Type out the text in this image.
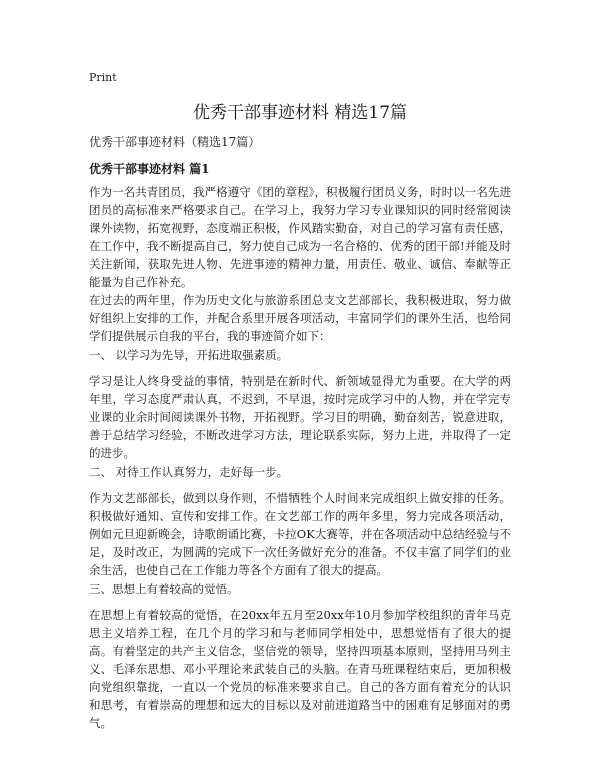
Print
优秀干部事迹材料 精选17篇
优秀干部事迹材料（精选17篇）
优秀干部事迹材料 篇1

作为一名共青团员，我严格遵守《团的章程》，积极履行团员义务，时时以一名先进团员的高标准来严格要求自己。在学习上，我努力学习专业课知识的同时经常阅读课外读物，拓宽视野，态度端正积极，作风踏实勤奋，对自己的学习富有责任感，在工作中，我不断提高自己，努力使自己成为一名合格的、优秀的团干部!并能及时关注新闻，获取先进人物、先进事迹的精神力量，用责任、敬业、诚信、奉献等正能量为自己作补充。

在过去的两年里，作为历史文化与旅游系团总支文艺部部长，我积极进取，努力做好组织上安排的工作，并配合系里开展各项活动，丰富同学们的课外生活，也给同学们提供展示自我的平台，我的事迹简介如下：

一、 以学习为先导，开拓进取强素质。

学习是让人终身受益的事情，特别是在新时代、新领域显得尤为重要。在大学的两年里，学习态度严肃认真，不迟到，不早退，按时完成学习中的人物，并在学完专业课的业余时间阅读课外书物，开拓视野。学习目的明确，勤奋刻苦，锐意进取，善于总结学习经验，不断改进学习方法，理论联系实际，努力上进，并取得了一定的进步。

二、 对待工作认真努力，走好每一步。

作为文艺部部长，做到以身作则，不惜牺牲个人时间来完成组织上做安排的任务。积极做好通知、宣传和安排工作。在文艺部工作的两年多里，努力完成各项活动，例如元旦迎新晚会，诗歌朗诵比赛，卡拉OK大赛等，并在各项活动中总结经验与不足，及时改正，为圆满的完成下一次任务做好充分的准备。不仅丰富了同学们的业余生活，也使自己在工作能力等各个方面有了很大的提高。

三、思想上有着较高的觉悟。

在思想上有着较高的觉悟，在20xx年五月至20xx年10月参加学校组织的青年马克思主义培养工程，在几个月的学习和与老师同学相处中，思想觉悟有了很大的提高。有着坚定的共产主义信念，坚信党的领导，坚持四项基本原则，坚持用马列主义、毛泽东思想、邓小平理论来武装自己的头脑。在青马班课程结束后，更加积极向党组织靠拢，一直以一个党员的标准来要求自己。自己的各方面有着充分的认识和思考，有着崇高的理想和远大的目标以及对前进道路当中的困难有足够面对的勇气。
